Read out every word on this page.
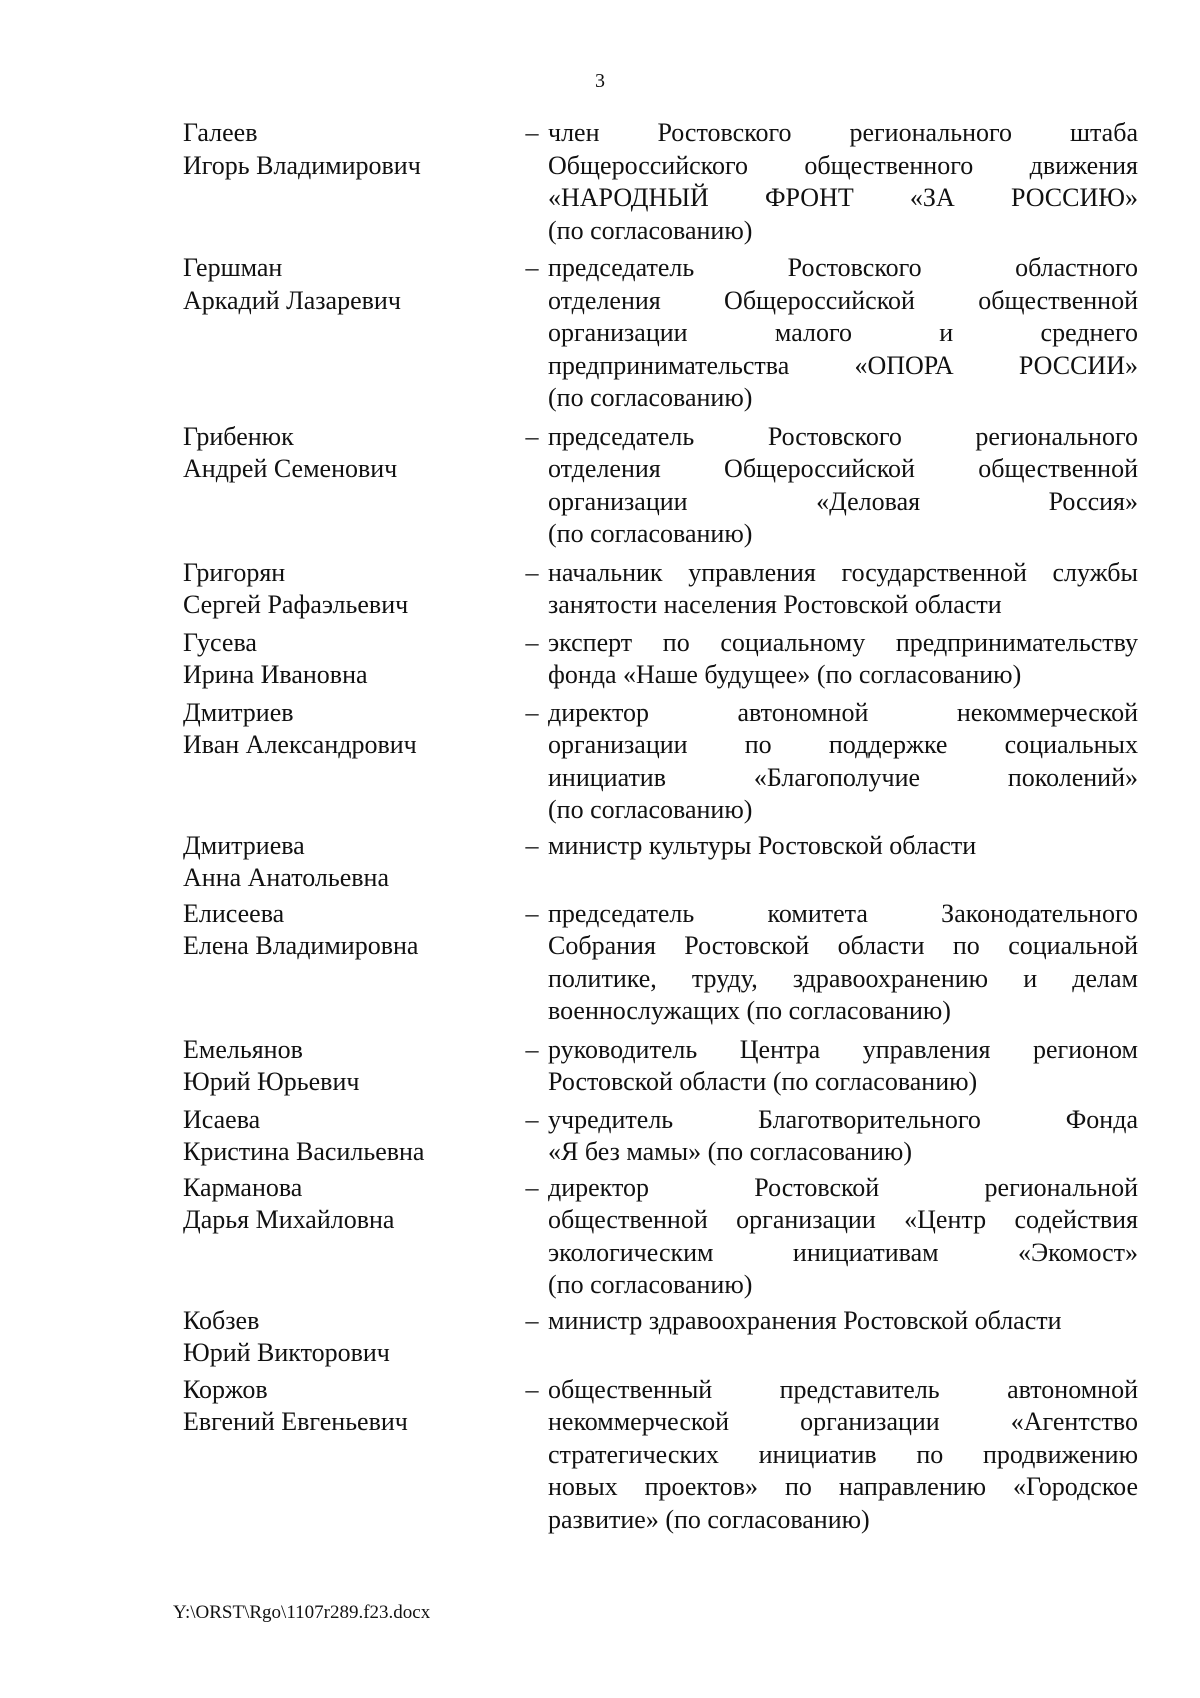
3
Галеев
Игорь Владимирович
– член Ростовского регионального штаба
Общероссийского общественного движения
«НАРОДНЫЙ ФРОНТ «ЗА РОССИЮ»
(по согласованию)
Гершман
Аркадий Лазаревич
– председатель Ростовского областного
отделения Общероссийской общественной
организации малого и среднего
предпринимательства «ОПОРА РОССИИ»
(по согласованию)
Грибенюк
Андрей Семенович
– председатель Ростовского регионального
отделения Общероссийской общественной
организации «Деловая Россия»
(по согласованию)
Григорян
Сергей Рафаэльевич
– начальник управления государственной службы
занятости населения Ростовской области
Гусева
Ирина Ивановна
– эксперт по социальному предпринимательству
фонда «Наше будущее» (по согласованию)
Дмитриев
Иван Александрович
– директор автономной некоммерческой
организации по поддержке социальных
инициатив «Благополучие поколений»
(по согласованию)
Дмитриева
Анна Анатольевна
– министр культуры Ростовской области
Елисеева
Елена Владимировна
– председатель комитета Законодательного
Собрания Ростовской области по социальной
политике, труду, здравоохранению и делам
военнослужащих (по согласованию)
Емельянов
Юрий Юрьевич
– руководитель Центра управления регионом
Ростовской области (по согласованию)
Исаева
Кристина Васильевна
– учредитель Благотворительного Фонда
«Я без мамы» (по согласованию)
Карманова
Дарья Михайловна
– директор Ростовской региональной
общественной организации «Центр содействия
экологическим инициативам «Экомост»
(по согласованию)
Кобзев
Юрий Викторович
– министр здравоохранения Ростовской области
Коржов
Евгений Евгеньевич
– общественный представитель автономной
некоммерческой организации «Агентство
стратегических инициатив по продвижению
новых проектов» по направлению «Городское
развитие» (по согласованию)
Y:\ORST\Rgo\1107r289.f23.docx
